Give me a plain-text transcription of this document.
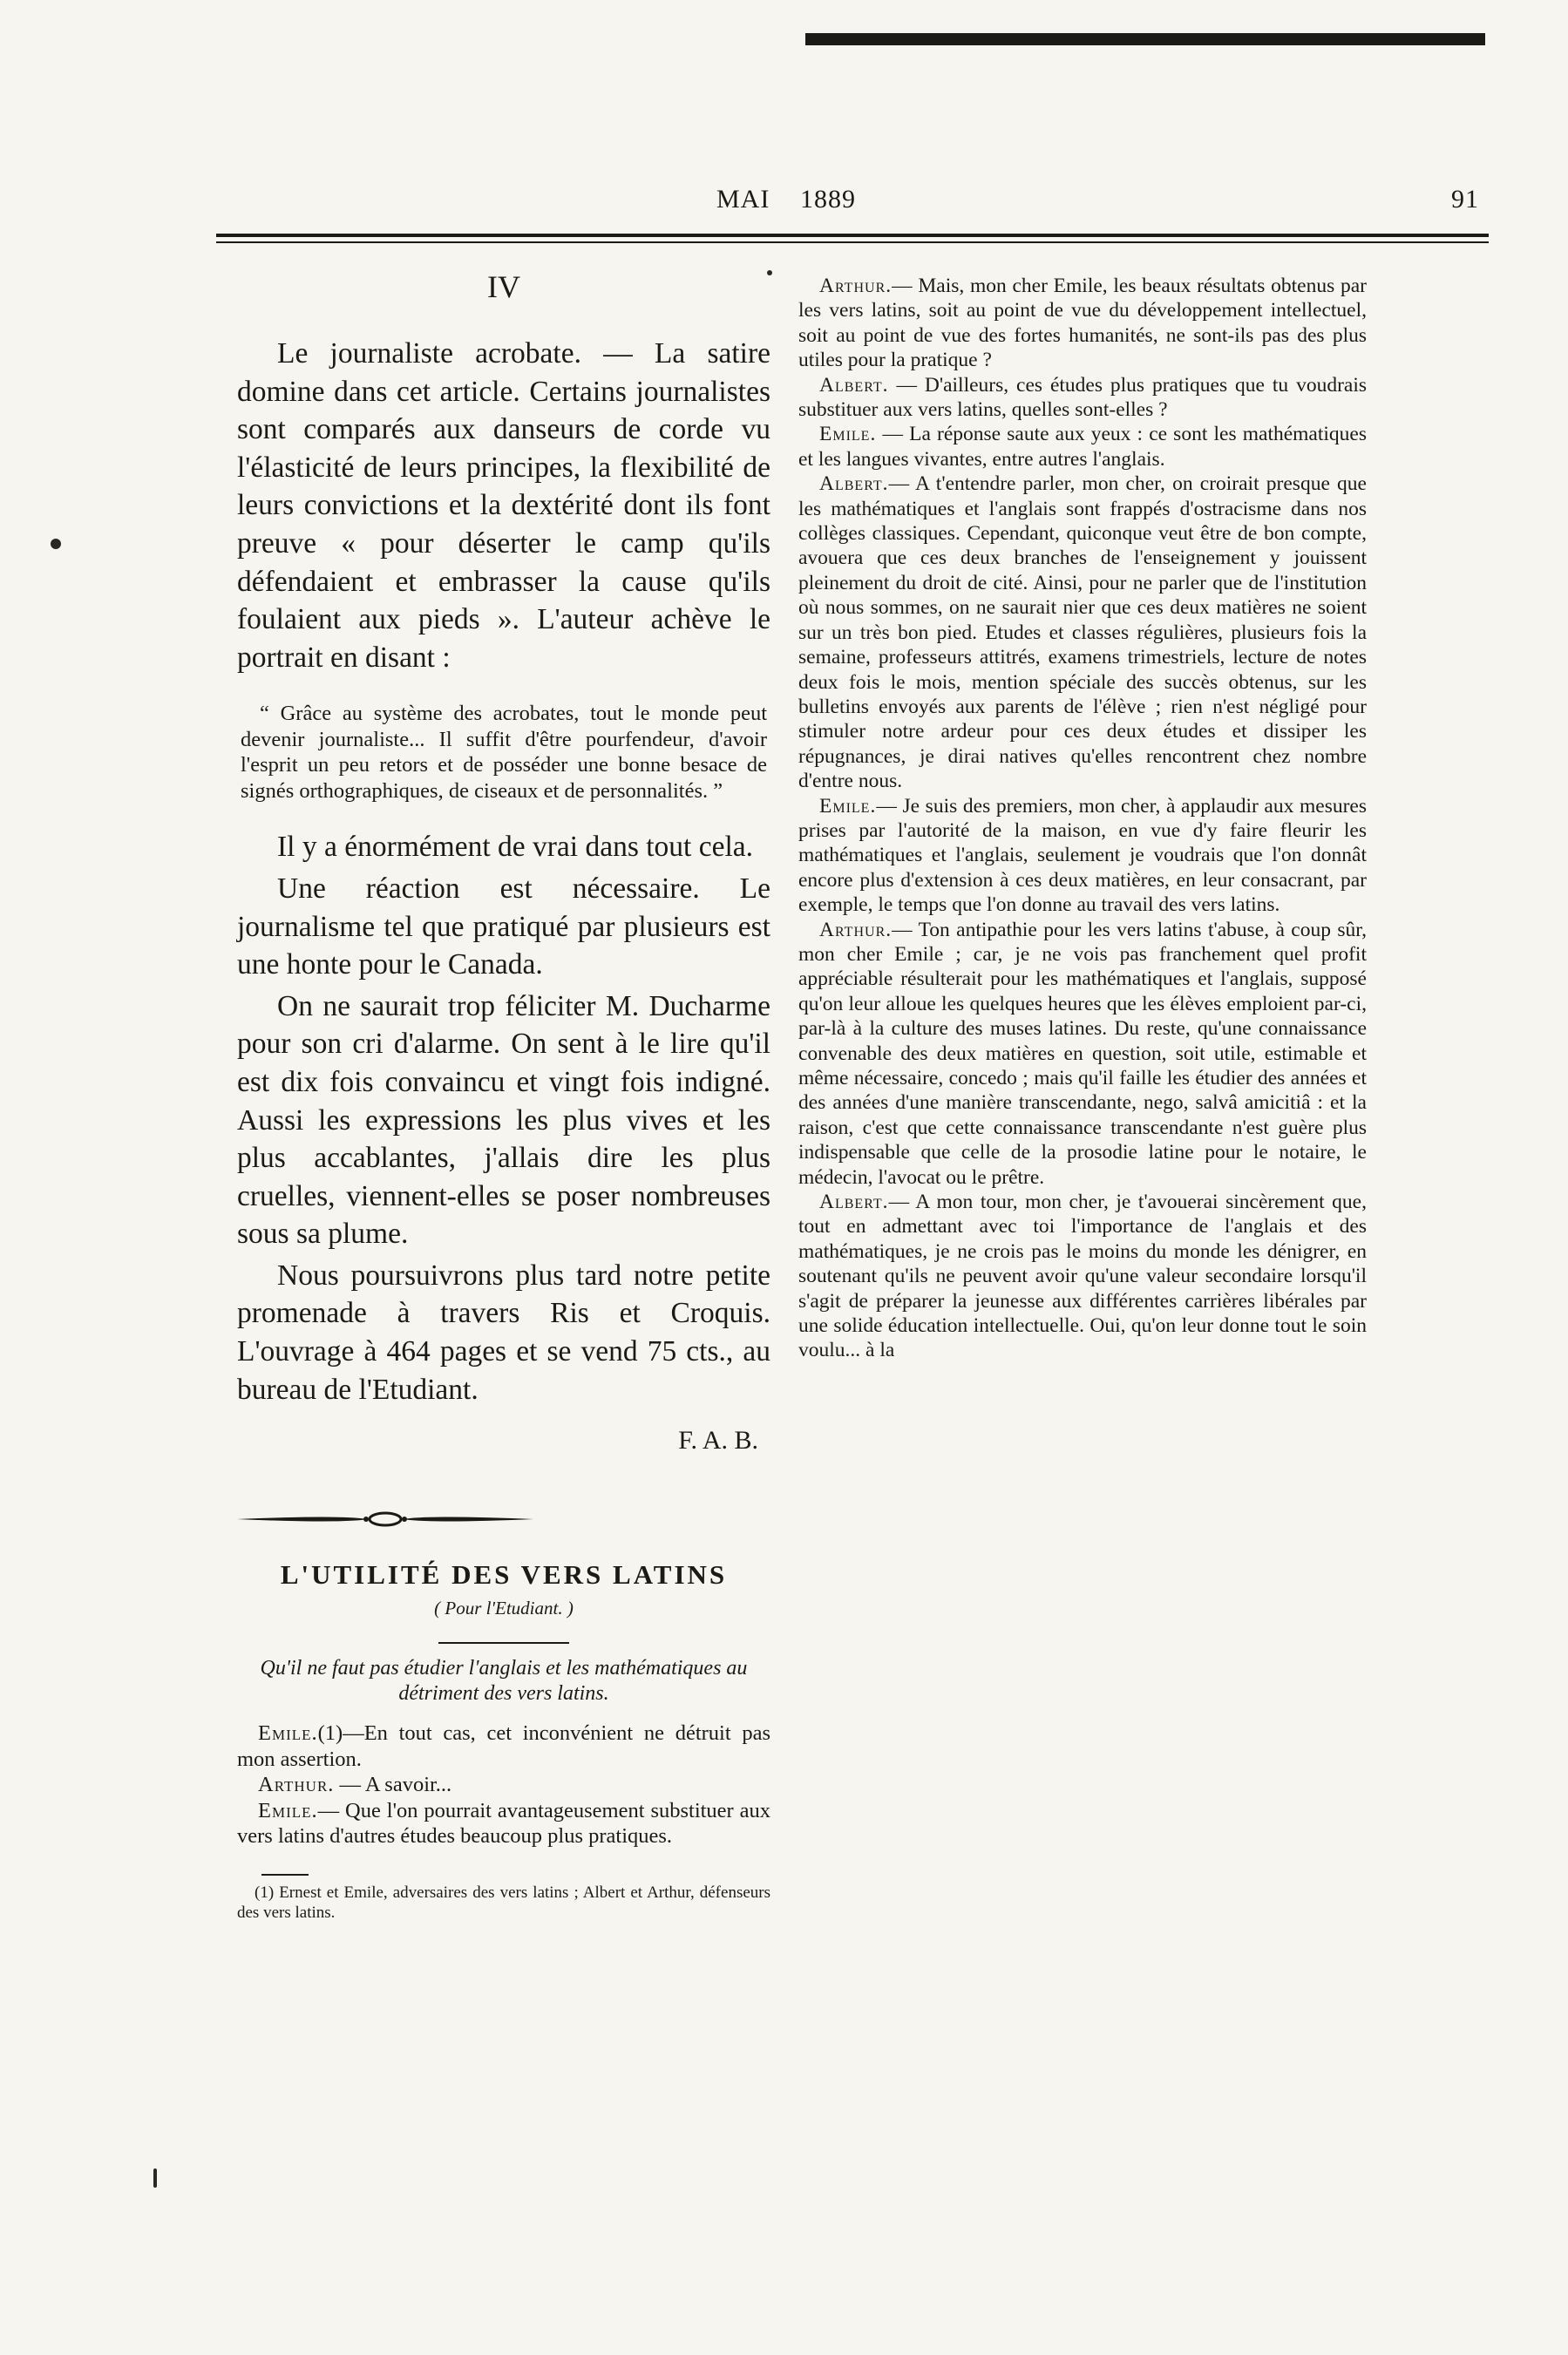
MAI 1889	91
IV

Le journaliste acrobate. — La satire domine dans cet article. Certains journalistes sont comparés aux danseurs de corde vu l'élasticité de leurs principes, la flexibilité de leurs convictions et la dextérité dont ils font preuve « pour déserter le camp qu'ils défendaient et embrasser la cause qu'ils foulaient aux pieds ». L'auteur achève le portrait en disant :

“ Grâce au système des acrobates, tout le monde peut devenir journaliste... Il suffit d'être pourfendeur, d'avoir l'esprit un peu retors et de posséder une bonne besace de signés orthographiques, de ciseaux et de personnalités. ”

Il y a énormément de vrai dans tout cela.

Une réaction est nécessaire. Le journalisme tel que pratiqué par plusieurs est une honte pour le Canada.

On ne saurait trop féliciter M. Ducharme pour son cri d'alarme. On sent à le lire qu'il est dix fois convaincu et vingt fois indigné. Aussi les expressions les plus vives et les plus accablantes, j'allais dire les plus cruelles, viennent-elles se poser nombreuses sous sa plume.

Nous poursuivrons plus tard notre petite promenade à travers Ris et Croquis. L'ouvrage à 464 pages et se vend 75 cts., au bureau de l'Etudiant.

F. A. B.
L'UTILITÉ DES VERS LATINS
( Pour l'Etudiant. )
Qu'il ne faut pas étudier l'anglais et les mathématiques au détriment des vers latins.

Emile.(1)—En tout cas, cet inconvénient ne détruit pas mon assertion.

Arthur. — A savoir...

Emile.— Que l'on pourrait avantageusement substituer aux vers latins d'autres études beaucoup plus pratiques.

(1) Ernest et Emile, adversaires des vers latins ; Albert et Arthur, défenseurs des vers latins.

Arthur.— Mais, mon cher Emile, les beaux résultats obtenus par les vers latins, soit au point de vue du développement intellectuel, soit au point de vue des fortes humanités, ne sont-ils pas des plus utiles pour la pratique ?

Albert. — D'ailleurs, ces études plus pratiques que tu voudrais substituer aux vers latins, quelles sont-elles ?

Emile. — La réponse saute aux yeux : ce sont les mathématiques et les langues vivantes, entre autres l'anglais.

Albert.— A t'entendre parler, mon cher, on croirait presque que les mathématiques et l'anglais sont frappés d'ostracisme dans nos collèges classiques. Cependant, quiconque veut être de bon compte, avouera que ces deux branches de l'enseignement y jouissent pleinement du droit de cité. Ainsi, pour ne parler que de l'institution où nous sommes, on ne saurait nier que ces deux matières ne soient sur un très bon pied. Etudes et classes régulières, plusieurs fois la semaine, professeurs attitrés, examens trimestriels, lecture de notes deux fois le mois, mention spéciale des succès obtenus, sur les bulletins envoyés aux parents de l'élève ; rien n'est négligé pour stimuler notre ardeur pour ces deux études et dissiper les répugnances, je dirai natives qu'elles rencontrent chez nombre d'entre nous.

Emile.— Je suis des premiers, mon cher, à applaudir aux mesures prises par l'autorité de la maison, en vue d'y faire fleurir les mathématiques et l'anglais, seulement je voudrais que l'on donnât encore plus d'extension à ces deux matières, en leur consacrant, par exemple, le temps que l'on donne au travail des vers latins.

Arthur.— Ton antipathie pour les vers latins t'abuse, à coup sûr, mon cher Emile ; car, je ne vois pas franchement quel profit appréciable résulterait pour les mathématiques et l'anglais, supposé qu'on leur alloue les quelques heures que les élèves emploient par-ci, par-là à la culture des muses latines. Du reste, qu'une connaissance convenable des deux matières en question, soit utile, estimable et même nécessaire, concedo ; mais qu'il faille les étudier des années et des années d'une manière transcendante, nego, salvâ amicitiâ : et la raison, c'est que cette connaissance transcendante n'est guère plus indispensable que celle de la prosodie latine pour le notaire, le médecin, l'avocat ou le prêtre.

Albert.— A mon tour, mon cher, je t'avouerai sincèrement que, tout en admettant avec toi l'importance de l'anglais et des mathématiques, je ne crois pas le moins du monde les dénigrer, en soutenant qu'ils ne peuvent avoir qu'une valeur secondaire lorsqu'il s'agit de préparer la jeunesse aux différentes carrières libérales par une solide éducation intellectuelle. Oui, qu'on leur donne tout le soin voulu... à la
